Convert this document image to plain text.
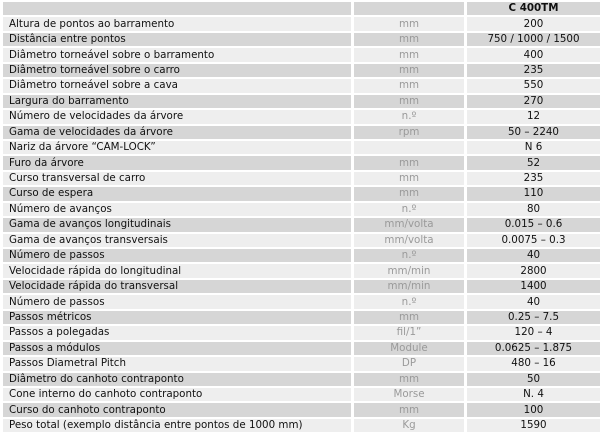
		C 400TM
Altura de pontos ao barramento	mm	200
Distância entre pontos	mm	750 / 1000 / 1500
Diâmetro torneável sobre o barramento	mm	400
Diâmetro torneável sobre o carro	mm	235
Diâmetro torneável sobre a cava	mm	550
Largura do barramento	mm	270
Número de velocidades da árvore	n.º	12
Gama de velocidades da árvore	rpm	50 – 2240
Nariz da árvore “CAM-LOCK”		N 6
Furo da árvore	mm	52
Curso transversal de carro	mm	235
Curso de espera	mm	110
Número de avanços	n.º	80
Gama de avanços longitudinais	mm/volta	0.015 – 0.6
Gama de avanços transversais	mm/volta	0.0075 – 0.3
Número de passos	n.º	40
Velocidade rápida do longitudinal	mm/min	2800
Velocidade rápida do transversal	mm/min	1400
Número de passos	n.º	40
Passos métricos	mm	0.25 – 7.5
Passos a polegadas	fil/1”	120 – 4
Passos a módulos	Module	0.0625 – 1.875
Passos Diametral Pitch	DP	480 – 16
Diâmetro do canhoto contraponto	mm	50
Cone interno do canhoto contraponto	Morse	N. 4
Curso do canhoto contraponto	mm	100
Peso total (exemplo distância entre pontos de 1000 mm)	Kg	1590
